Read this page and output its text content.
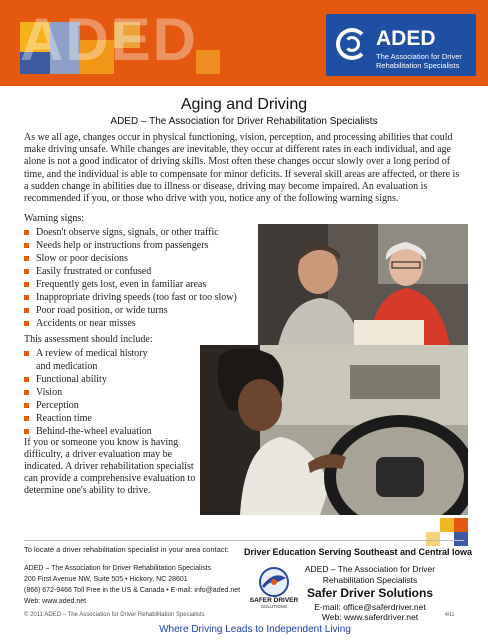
ADED	ADED
The Association for Driver Rehabilitation Specialists
Aging and Driving
ADED – The Association for Driver Rehabilitation Specialists

As we all age, changes occur in physical functioning, vision, perception, and processing abilities that could make driving unsafe. While changes are inevitable, they occur at different rates in each individual, and age alone is not a good indicator of driving skills. Most often these changes occur slowly over a long period of time, and the individual is able to compensate for minor deficits. If several skill areas are affected, or there is a sudden change in abilities due to illness or disease, driving may become impaired. An evaluation is recommended if you, or those who drive with you, notice any of the following warning signs.

Warning signs:
Doesn't observe signs, signals, or other traffic
Needs help or instructions from passengers
Slow or poor decisions
Easily frustrated or confused
Frequently gets lost, even in familiar areas
Inappropriate driving speeds (too fast or too slow)
Poor road position, or wide turns
Accidents or near misses
This assessment should include:
A review of medical history
and medication
Functional ability
Vision
Perception
Reaction time
Behind-the-wheel evaluation

If you or someone you know is having difficulty, a driver evaluation may be indicated. A driver rehabilitation specialist can provide a comprehensive evaluation to determine one's ability to drive.

To locate a driver rehabilitation specialist in your area contact:
ADED – The Association for Driver Rehabilitation Specialists
200 First Avenue NW, Suite 505 • Hickory, NC 28601
(866) 672-9466 Toll Free in the US & Canada • E-mail: info@aded.net
Web: www.aded.net
© 2011 ADED – The Association for Driver Rehabilitation Specialists
Driver Education Serving Southeast and Central Iowa
SAFER DRIVER
SOLUTIONS
ADED – The Association for Driver
Rehabilitation Specialists
Safer Driver Solutions
E-mail: office@saferdriver.net
Web: www.saferdriver.net	4/11
Where Driving Leads to Independent Living
